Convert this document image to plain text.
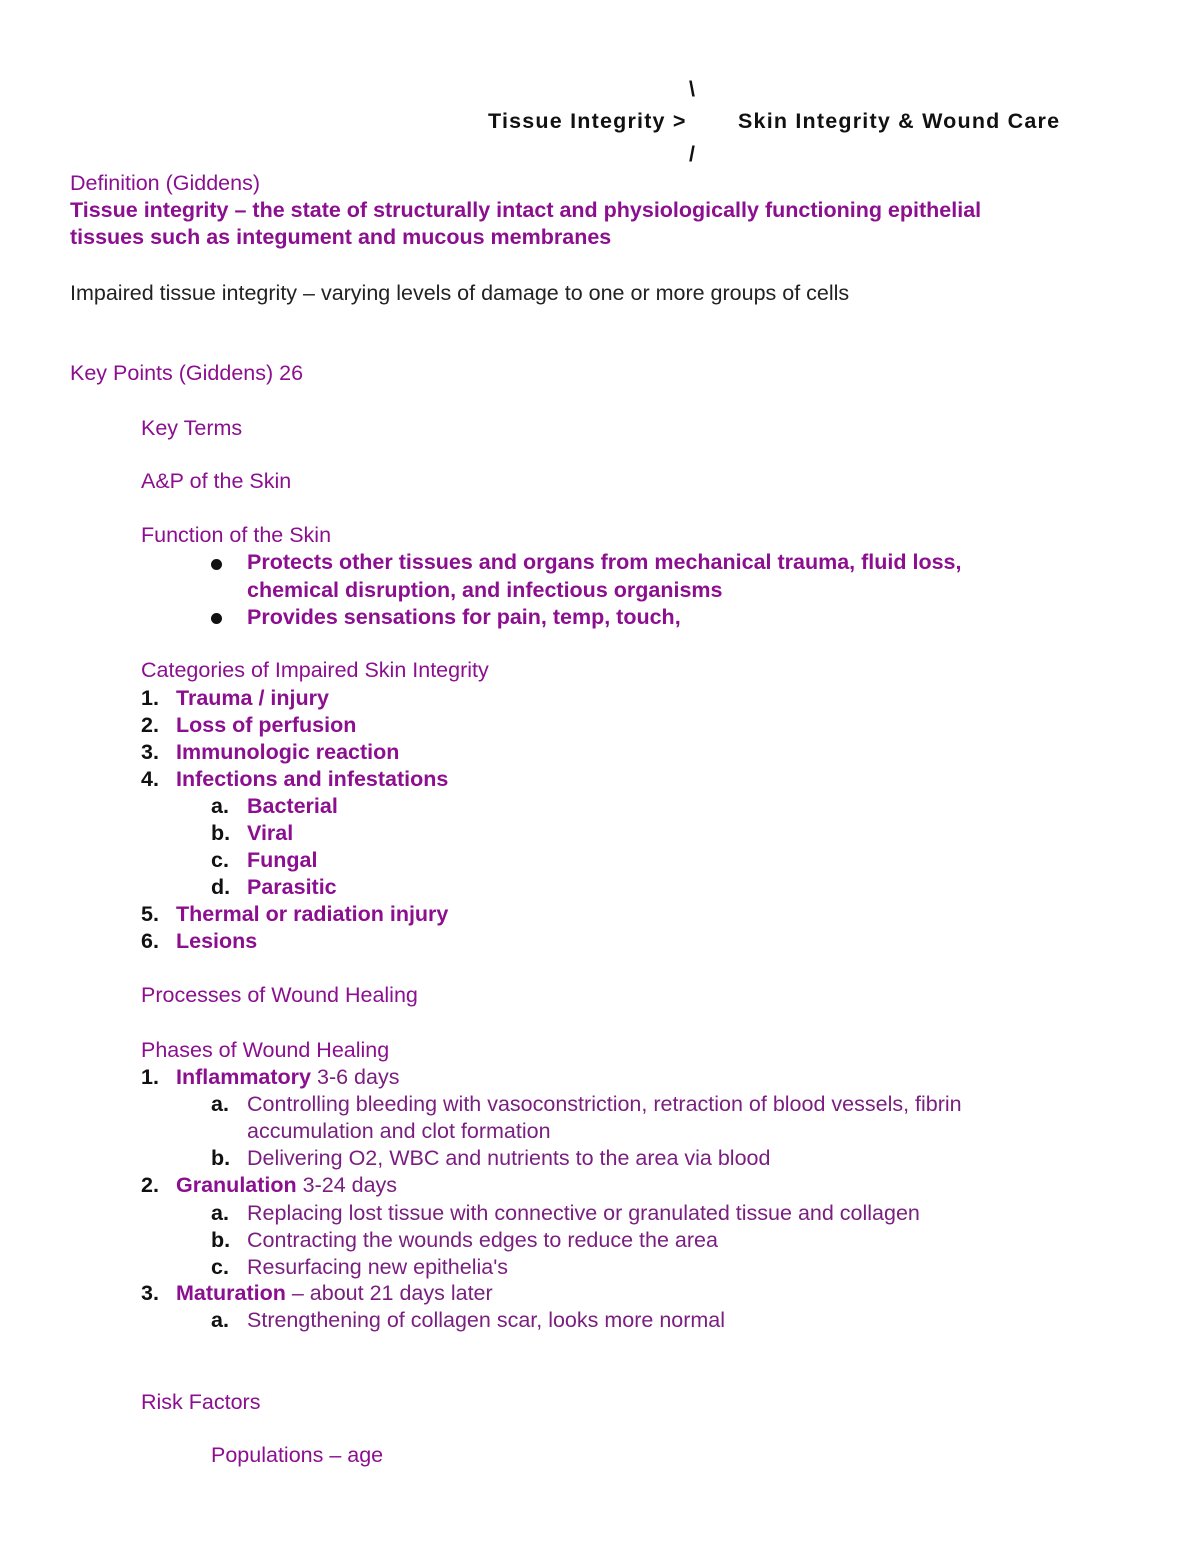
\
Tissue Integrity > Skin Integrity & Wound Care
/
Definition (Giddens)
Tissue integrity – the state of structurally intact and physiologically functioning epithelial
tissues such as integument and mucous membranes
Impaired tissue integrity – varying levels of damage to one or more groups of cells
Key Points (Giddens) 26
Key Terms
A&P of the Skin
Function of the Skin
Protects other tissues and organs from mechanical trauma, fluid loss,
chemical disruption, and infectious organisms
Provides sensations for pain, temp, touch,
Categories of Impaired Skin Integrity
1. Trauma / injury
2. Loss of perfusion
3. Immunologic reaction
4. Infections and infestations
a. Bacterial
b. Viral
c. Fungal
d. Parasitic
5. Thermal or radiation injury
6. Lesions
Processes of Wound Healing
Phases of Wound Healing
1. Inflammatory 3-6 days
a. Controlling bleeding with vasoconstriction, retraction of blood vessels, fibrin
accumulation and clot formation
b. Delivering O2, WBC and nutrients to the area via blood
2. Granulation 3-24 days
a. Replacing lost tissue with connective or granulated tissue and collagen
b. Contracting the wounds edges to reduce the area
c. Resurfacing new epithelia's
3. Maturation – about 21 days later
a. Strengthening of collagen scar, looks more normal
Risk Factors
Populations – age
